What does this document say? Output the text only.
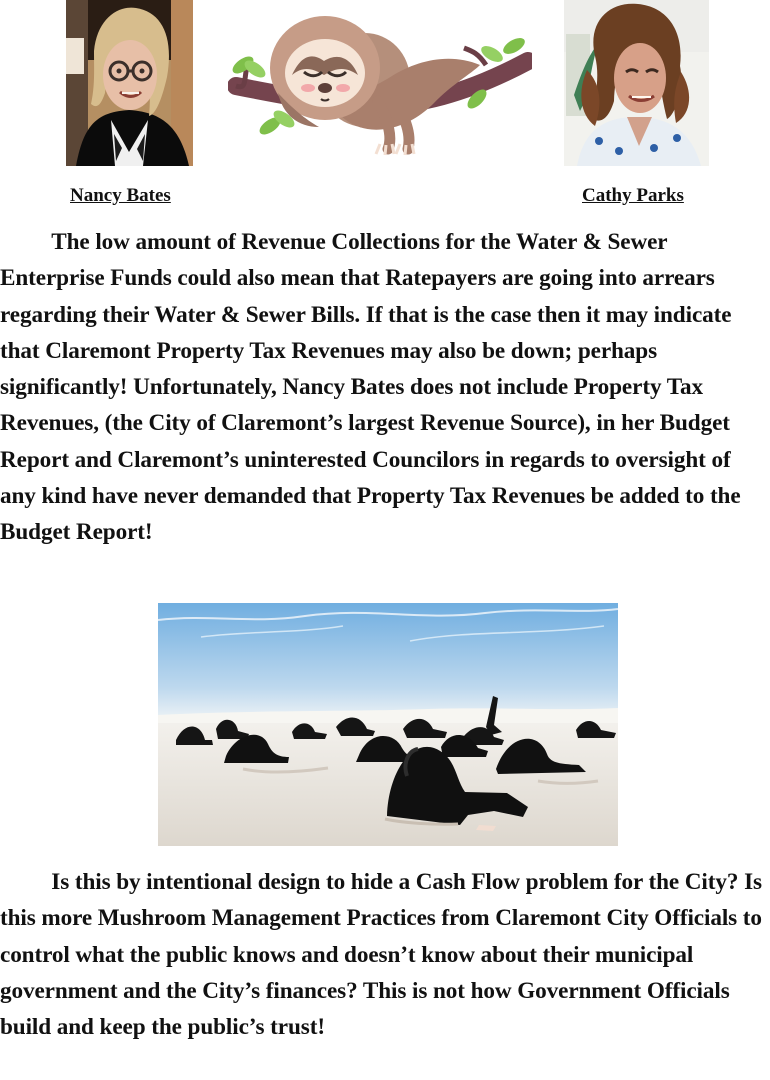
Nancy Bates	Cathy Parks

The low amount of Revenue Collections for the Water & Sewer Enterprise Funds could also mean that Ratepayers are going into arrears regarding their Water & Sewer Bills. If that is the case then it may indicate that Claremont Property Tax Revenues may also be down; perhaps significantly! Unfortunately, Nancy Bates does not include Property Tax Revenues, (the City of Claremont’s largest Revenue Source), in her Budget Report and Claremont’s uninterested Councilors in regards to oversight of any kind have never demanded that Property Tax Revenues be added to the Budget Report!

Is this by intentional design to hide a Cash Flow problem for the City? Is this more Mushroom Management Practices from Claremont City Officials to control what the public knows and doesn’t know about their municipal government and the City’s finances? This is not how Government Officials build and keep the public’s trust!
